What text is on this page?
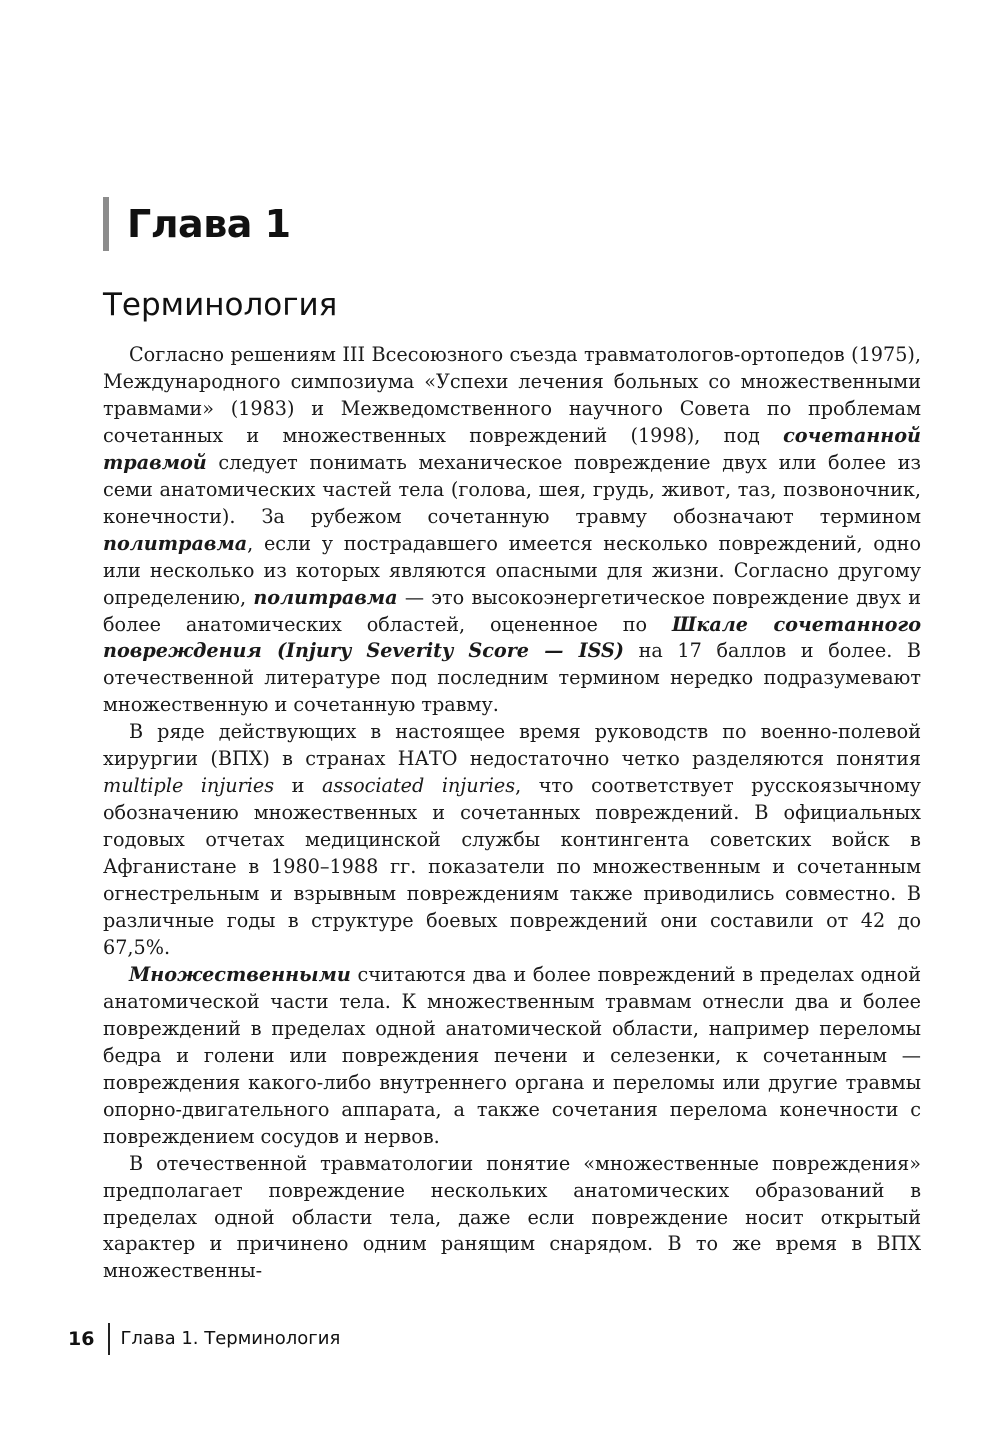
Глава 1
Терминология

Согласно решениям III Всесоюзного съезда травматологов-ортопедов (1975), Международного симпозиума «Успехи лечения больных со множественными травмами» (1983) и Межведомственного научного Совета по проблемам сочетанных и множественных повреждений (1998), под сочетанной травмой следует понимать механическое повреждение двух или более из семи анатомических частей тела (голова, шея, грудь, живот, таз, позвоночник, конечности). За рубежом сочетанную травму обозначают термином политравма, если у пострадавшего имеется несколько повреждений, одно или несколько из которых являются опасными для жизни. Согласно другому определению, политравма — это высокоэнергетическое повреждение двух и более анатомических областей, оцененное по Шкале сочетанного повреждения (Injury Severity Score — ISS) на 17 баллов и более. В отечественной литературе под последним термином нередко подразумевают множественную и сочетанную травму.

В ряде действующих в настоящее время руководств по военно-полевой хирургии (ВПХ) в странах НАТО недостаточно четко разделяются понятия multiple injuries и associated injuries, что соответствует русскоязычному обозначению множественных и сочетанных повреждений. В официальных годовых отчетах медицинской службы контингента советских войск в Афганистане в 1980–1988 гг. показатели по множественным и сочетанным огнестрельным и взрывным повреждениям также приводились совместно. В различные годы в структуре боевых повреждений они составили от 42 до 67,5%.

Множественными считаются два и более повреждений в пределах одной анатомической части тела. К множественным травмам отнесли два и более повреждений в пределах одной анатомической области, например переломы бедра и голени или повреждения печени и селезенки, к сочетанным — повреждения какого-либо внутреннего органа и переломы или другие травмы опорно-двигательного аппарата, а также сочетания перелома конечности с повреждением сосудов и нервов.

В отечественной травматологии понятие «множественные повреждения» предполагает повреждение нескольких анатомических образований в пределах одной области тела, даже если повреждение носит открытый характер и причинено одним ранящим снарядом. В то же время в ВПХ множественны-

16 Глава 1. Терминология
